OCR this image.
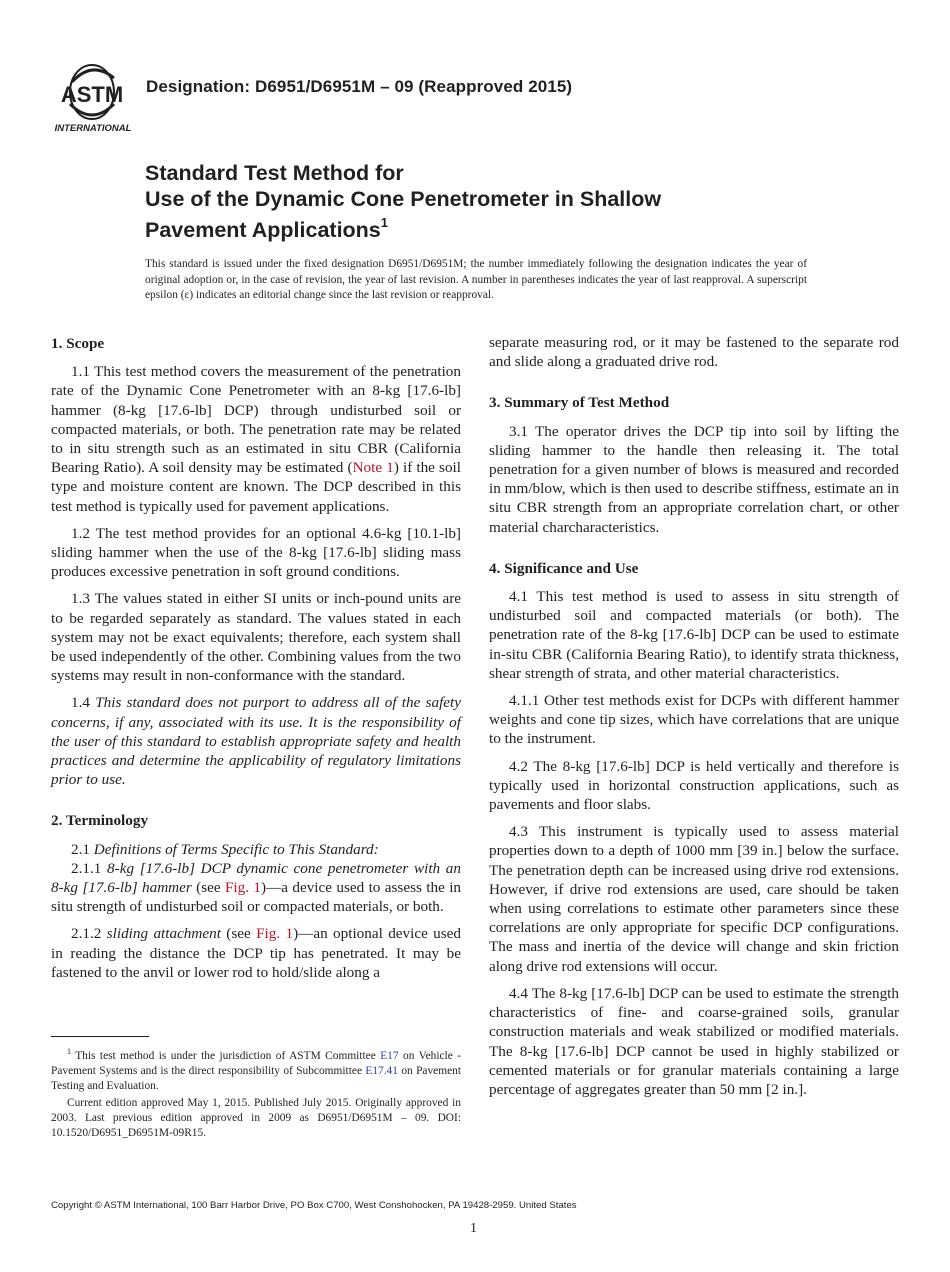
ASTM
INTERNATIONAL
Designation: D6951/D6951M – 09 (Reapproved 2015)
Standard Test Method for
Use of the Dynamic Cone Penetrometer in Shallow
Pavement Applications$^1$
This standard is issued under the fixed designation D6951/D6951M; the number immediately following the designation indicates the year of original adoption or, in the case of revision, the year of last revision. A number in parentheses indicates the year of last reapproval. A superscript epsilon (ε) indicates an editorial change since the last revision or reapproval.
1. Scope

1.1 This test method covers the measurement of the penetration rate of the Dynamic Cone Penetrometer with an 8-kg [17.6-lb] hammer (8-kg [17.6-lb] DCP) through undisturbed soil or compacted materials, or both. The penetration rate may be related to in situ strength such as an estimated in situ CBR (California Bearing Ratio). A soil density may be estimated (Note 1) if the soil type and moisture content are known. The DCP described in this test method is typically used for pavement applications.

1.2 The test method provides for an optional 4.6-kg [10.1-lb] sliding hammer when the use of the 8-kg [17.6-lb] sliding mass produces excessive penetration in soft ground conditions.

1.3 The values stated in either SI units or inch-pound units are to be regarded separately as standard. The values stated in each system may not be exact equivalents; therefore, each system shall be used independently of the other. Combining values from the two systems may result in non-conformance with the standard.

1.4 This standard does not purport to address all of the safety concerns, if any, associated with its use. It is the responsibility of the user of this standard to establish appropriate safety and health practices and determine the applicability of regulatory limitations prior to use.

2. Terminology

2.1 Definitions of Terms Specific to This Standard:

2.1.1 8-kg [17.6-lb] DCP dynamic cone penetrometer with an 8-kg [17.6-lb] hammer (see Fig. 1)—a device used to assess the in situ strength of undisturbed soil or compacted materials, or both.

2.1.2 sliding attachment (see Fig. 1)—an optional device used in reading the distance the DCP tip has penetrated. It may be fastened to the anvil or lower rod to hold/slide along a

separate measuring rod, or it may be fastened to the separate rod and slide along a graduated drive rod.

3. Summary of Test Method

3.1 The operator drives the DCP tip into soil by lifting the sliding hammer to the handle then releasing it. The total penetration for a given number of blows is measured and recorded in mm/blow, which is then used to describe stiffness, estimate an in situ CBR strength from an appropriate correlation chart, or other material charcharacteristics.

4. Significance and Use

4.1 This test method is used to assess in situ strength of undisturbed soil and compacted materials (or both). The penetration rate of the 8-kg [17.6-lb] DCP can be used to estimate in-situ CBR (California Bearing Ratio), to identify strata thickness, shear strength of strata, and other material characteristics.

4.1.1 Other test methods exist for DCPs with different hammer weights and cone tip sizes, which have correlations that are unique to the instrument.

4.2 The 8-kg [17.6-lb] DCP is held vertically and therefore is typically used in horizontal construction applications, such as pavements and floor slabs.

4.3 This instrument is typically used to assess material properties down to a depth of 1000 mm [39 in.] below the surface. The penetration depth can be increased using drive rod extensions. However, if drive rod extensions are used, care should be taken when using correlations to estimate other parameters since these correlations are only appropriate for specific DCP configurations. The mass and inertia of the device will change and skin friction along drive rod extensions will occur.

4.4 The 8-kg [17.6-lb] DCP can be used to estimate the strength characteristics of fine- and coarse-grained soils, granular construction materials and weak stabilized or modified materials. The 8-kg [17.6-lb] DCP cannot be used in highly stabilized or cemented materials or for granular materials containing a large percentage of aggregates greater than 50 mm [2 in.].

$^1$ This test method is under the jurisdiction of ASTM Committee E17 on Vehicle - Pavement Systems and is the direct responsibility of Subcommittee E17.41 on Pavement Testing and Evaluation.

Current edition approved May 1, 2015. Published July 2015. Originally approved in 2003. Last previous edition approved in 2009 as D6951/D6951M – 09. DOI: 10.1520/D6951_D6951M-09R15.

Copyright © ASTM International, 100 Barr Harbor Drive, PO Box C700, West Conshohocken, PA 19428-2959. United States
1
